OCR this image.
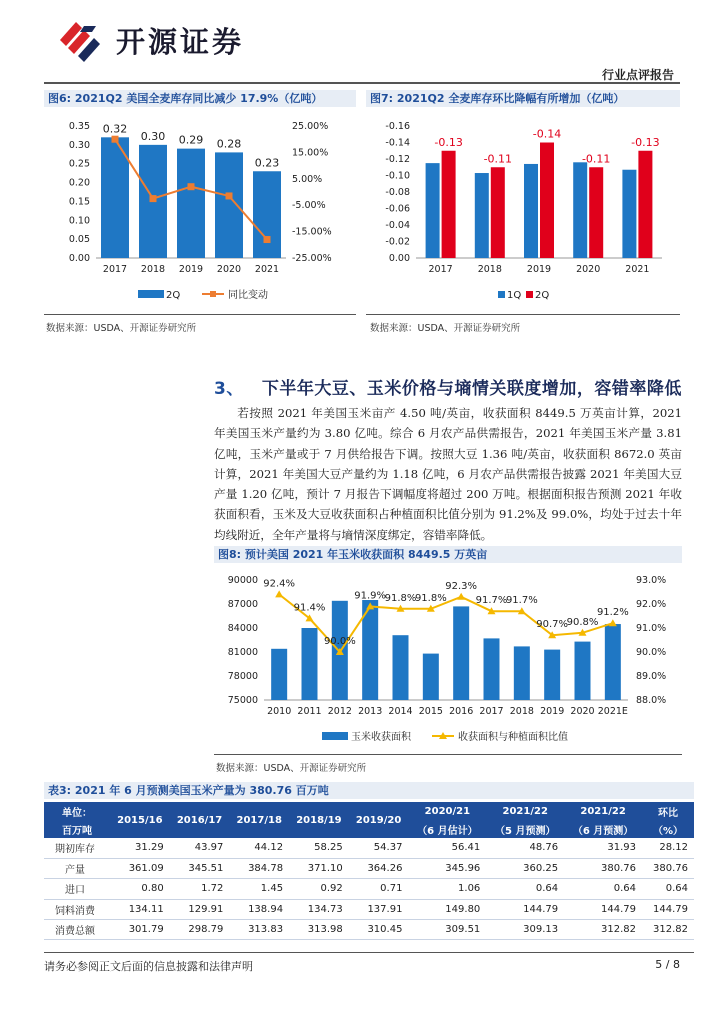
开源证券
行业点评报告
图6: 2021Q2 美国全麦库存同比减少 17.9%（亿吨）
0.35
0.30
0.25
0.20
0.15
0.10
0.05
0.00
25.00%
15.00%
5.00%
-5.00%
-15.00%
-25.00%
0.32
2017
0.30
2018
0.29
2019
0.28
2020
0.23
2021
2Q	同比变动
数据来源：USDA、开源证券研究所
图7: 2021Q2 全麦库存环比降幅有所增加（亿吨）
-0.16
-0.14
-0.12
-0.10
-0.08
-0.06
-0.04
-0.02
0.00
-0.13
2017
-0.11
2018
-0.14
2019
-0.11
2020
-0.13
2021
1Q 2Q
数据来源：USDA、开源证券研究所
3、 下半年大豆、玉米价格与墒情关联度增加，容错率降低
若按照 2021 年美国玉米亩产 4.50 吨/英亩，收获面积 8449.5 万英亩计算，2021 年美国玉米产量约为 3.80 亿吨。综合 6 月农产品供需报告，2021 年美国玉米产量 3.81 亿吨，玉米产量或于 7 月供给报告下调。按照大豆 1.36 吨/英亩，收获面积 8672.0 英亩计算，2021 年美国大豆产量约为 1.18 亿吨，6 月农产品供需报告披露 2021 年美国大豆产量 1.20 亿吨，预计 7 月报告下调幅度将超过 200 万吨。根据面积报告预测 2021 年收获面积看，玉米及大豆收获面积占种植面积比值分别为 91.2%及 99.0%，均处于过去十年均线附近，全年产量将与墒情深度绑定，容错率降低。
图8: 预计美国 2021 年玉米收获面积 8449.5 万英亩
90000
87000
84000
81000
78000
75000
93.0%
92.0%
91.0%
90.0%
89.0%
88.0%
2010 2011 2012 2013 2014 2015 2016 2017 2018 2019 2020 2021E
92.4%
91.4%
90.0%
91.9%
91.8%
91.8%
92.3%
91.7%
91.7%
90.7%
90.8%
91.2%
玉米收获面积	收获面积与种植面积比值
数据来源：USDA、开源证券研究所
表3: 2021 年 6 月预测美国玉米产量为 380.76 百万吨
单位：	2015/16	2016/17	2017/18	2018/19	2019/20	2020/21	2021/22	2021/22	环比
百万吨						（6 月估计）	（5 月预测）	（6 月预测）	（%）
期初库存	31.29	43.97	44.12	58.25	54.37	56.41	48.76	31.93	28.12
产量	361.09	345.51	384.78	371.10	364.26	345.96	360.25	380.76	380.76
进口	0.80	1.72	1.45	0.92	0.71	1.06	0.64	0.64	0.64
饲料消费	134.11	129.91	138.94	134.73	137.91	149.80	144.79	144.79	144.79
消费总额	301.79	298.79	313.83	313.98	310.45	309.51	309.13	312.82	312.82
请务必参阅正文后面的信息披露和法律声明	5 / 8
